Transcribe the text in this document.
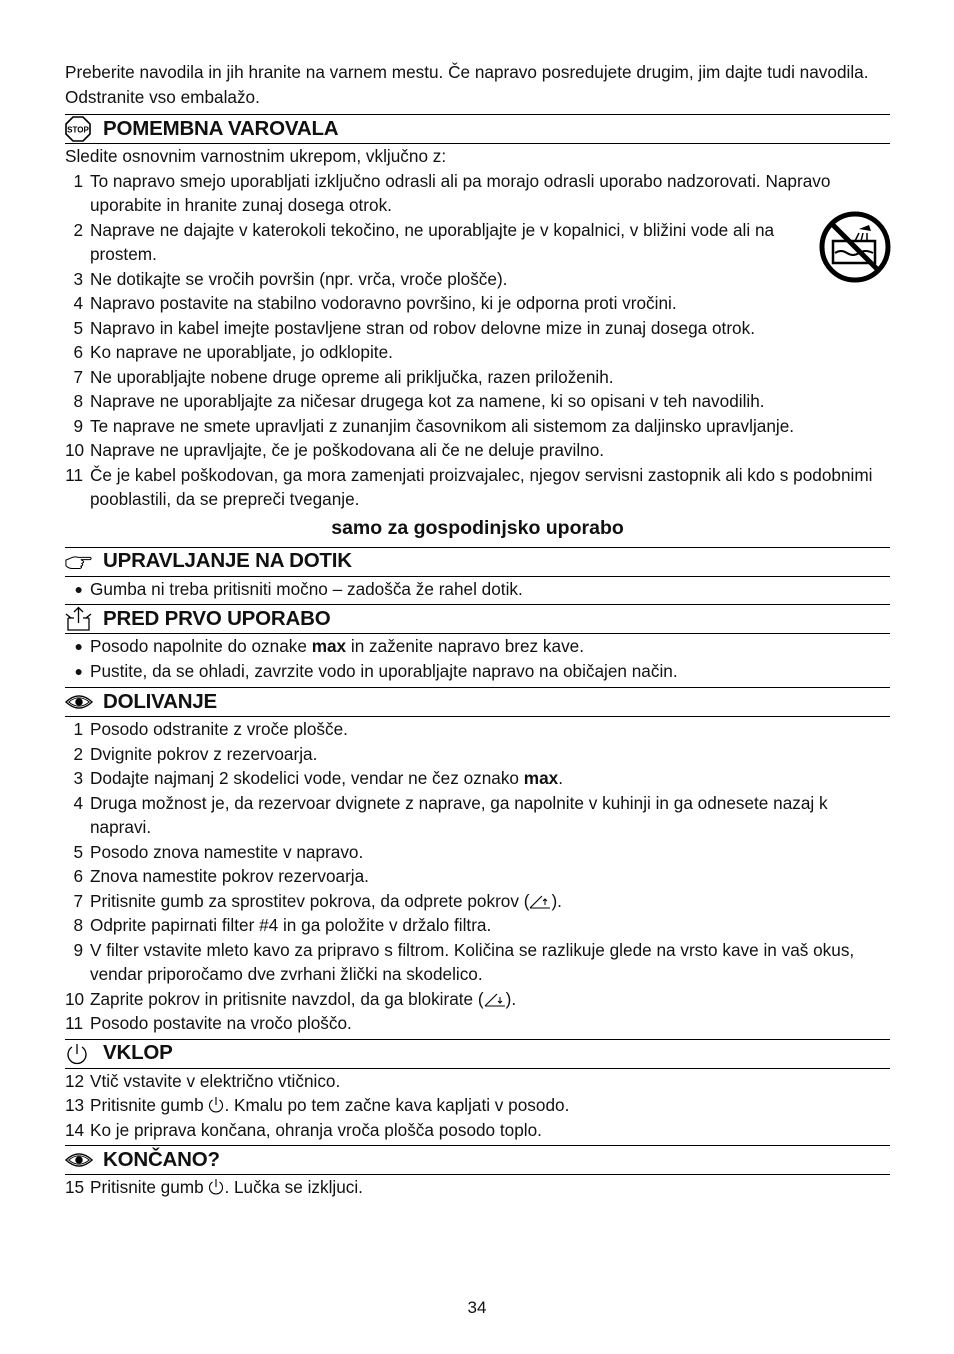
Preberite navodila in jih hranite na varnem mestu. Če napravo posredujete drugim, jim dajte tudi navodila. Odstranite vso embalažo.

STOP POMEMBNA VAROVALA
Sledite osnovnim varnostnim ukrepom, vključno z:
1 To napravo smejo uporabljati izključno odrasli ali pa morajo odrasli uporabo nadzorovati. Napravo uporabite in hranite zunaj dosega otrok.
2 Naprave ne dajajte v katerokoli tekočino, ne uporabljajte je v kopalnici, v bližini vode ali na prostem.
3 Ne dotikajte se vročih površin (npr. vrča, vroče plošče).
4 Napravo postavite na stabilno vodoravno površino, ki je odporna proti vročini.
5 Napravo in kabel imejte postavljene stran od robov delovne mize in zunaj dosega otrok.
6 Ko naprave ne uporabljate, jo odklopite.
7 Ne uporabljajte nobene druge opreme ali priključka, razen priloženih.
8 Naprave ne uporabljajte za ničesar drugega kot za namene, ki so opisani v teh navodilih.
9 Te naprave ne smete upravljati z zunanjim časovnikom ali sistemom za daljinsko upravljanje.
10 Naprave ne upravljajte, če je poškodovana ali če ne deluje pravilno.
11 Če je kabel poškodovan, ga mora zamenjati proizvajalec, njegov servisni zastopnik ali kdo s podobnimi pooblastili, da se prepreči tveganje.
samo za gospodinjsko uporabo
UPRAVLJANJE NA DOTIK
● Gumba ni treba pritisniti močno – zadošča že rahel dotik.
PRED PRVO UPORABO
● Posodo napolnite do oznake max in zaženite napravo brez kave.
● Pustite, da se ohladi, zavrzite vodo in uporabljajte napravo na običajen način.
DOLIVANJE
1 Posodo odstranite z vroče plošče.
2 Dvignite pokrov z rezervoarja.
3 Dodajte najmanj 2 skodelici vode, vendar ne čez oznako max.
4 Druga možnost je, da rezervoar dvignete z naprave, ga napolnite v kuhinji in ga odnesete nazaj k napravi.
5 Posodo znova namestite v napravo.
6 Znova namestite pokrov rezervoarja.
7 Pritisnite gumb za sprostitev pokrova, da odprete pokrov ( ).
8 Odprite papirnati filter #4 in ga položite v držalo filtra.
9 V filter vstavite mleto kavo za pripravo s filtrom. Količina se razlikuje glede na vrsto kave in vaš okus, vendar priporočamo dve zvrhani žlički na skodelico.
10 Zaprite pokrov in pritisnite navzdol, da ga blokirate ( ).
11 Posodo postavite na vročo ploščo.
VKLOP
12 Vtič vstavite v električno vtičnico.
13 Pritisnite gumb . Kmalu po tem začne kava kapljati v posodo.
14 Ko je priprava končana, ohranja vroča plošča posodo toplo.
KONČANO?
15 Pritisnite gumb . Lučka se izkljuci.
34
